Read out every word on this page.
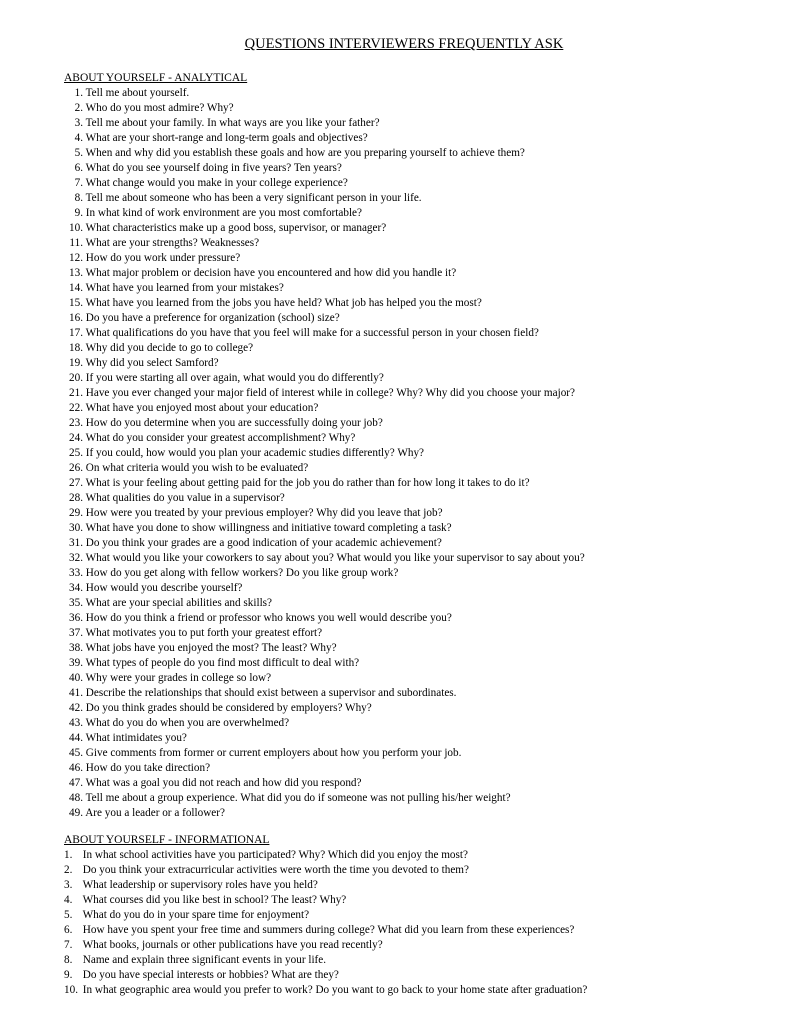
QUESTIONS INTERVIEWERS FREQUENTLY ASK
ABOUT YOURSELF - ANALYTICAL
1. Tell me about yourself.
2. Who do you most admire? Why?
3. Tell me about your family. In what ways are you like your father?
4. What are your short-range and long-term goals and objectives?
5. When and why did you establish these goals and how are you preparing yourself to achieve them?
6. What do you see yourself doing in five years? Ten years?
7. What change would you make in your college experience?
8. Tell me about someone who has been a very significant person in your life.
9. In what kind of work environment are you most comfortable?
10. What characteristics make up a good boss, supervisor, or manager?
11. What are your strengths? Weaknesses?
12. How do you work under pressure?
13. What major problem or decision have you encountered and how did you handle it?
14. What have you learned from your mistakes?
15. What have you learned from the jobs you have held? What job has helped you the most?
16. Do you have a preference for organization (school) size?
17. What qualifications do you have that you feel will make for a successful person in your chosen field?
18. Why did you decide to go to college?
19. Why did you select Samford?
20. If you were starting all over again, what would you do differently?
21. Have you ever changed your major field of interest while in college? Why? Why did you choose your major?
22. What have you enjoyed most about your education?
23. How do you determine when you are successfully doing your job?
24. What do you consider your greatest accomplishment? Why?
25. If you could, how would you plan your academic studies differently? Why?
26. On what criteria would you wish to be evaluated?
27. What is your feeling about getting paid for the job you do rather than for how long it takes to do it?
28. What qualities do you value in a supervisor?
29. How were you treated by your previous employer? Why did you leave that job?
30. What have you done to show willingness and initiative toward completing a task?
31. Do you think your grades are a good indication of your academic achievement?
32. What would you like your coworkers to say about you? What would you like your supervisor to say about you?
33. How do you get along with fellow workers? Do you like group work?
34. How would you describe yourself?
35. What are your special abilities and skills?
36. How do you think a friend or professor who knows you well would describe you?
37. What motivates you to put forth your greatest effort?
38. What jobs have you enjoyed the most? The least? Why?
39. What types of people do you find most difficult to deal with?
40. Why were your grades in college so low?
41. Describe the relationships that should exist between a supervisor and subordinates.
42. Do you think grades should be considered by employers? Why?
43. What do you do when you are overwhelmed?
44. What intimidates you?
45. Give comments from former or current employers about how you perform your job.
46. How do you take direction?
47. What was a goal you did not reach and how did you respond?
48. Tell me about a group experience. What did you do if someone was not pulling his/her weight?
49. Are you a leader or a follower?
ABOUT YOURSELF - INFORMATIONAL
1. In what school activities have you participated? Why? Which did you enjoy the most?
2. Do you think your extracurricular activities were worth the time you devoted to them?
3. What leadership or supervisory roles have you held?
4. What courses did you like best in school? The least? Why?
5. What do you do in your spare time for enjoyment?
6. How have you spent your free time and summers during college? What did you learn from these experiences?
7. What books, journals or other publications have you read recently?
8. Name and explain three significant events in your life.
9. Do you have special interests or hobbies? What are they?
10. In what geographic area would you prefer to work? Do you want to go back to your home state after graduation?
